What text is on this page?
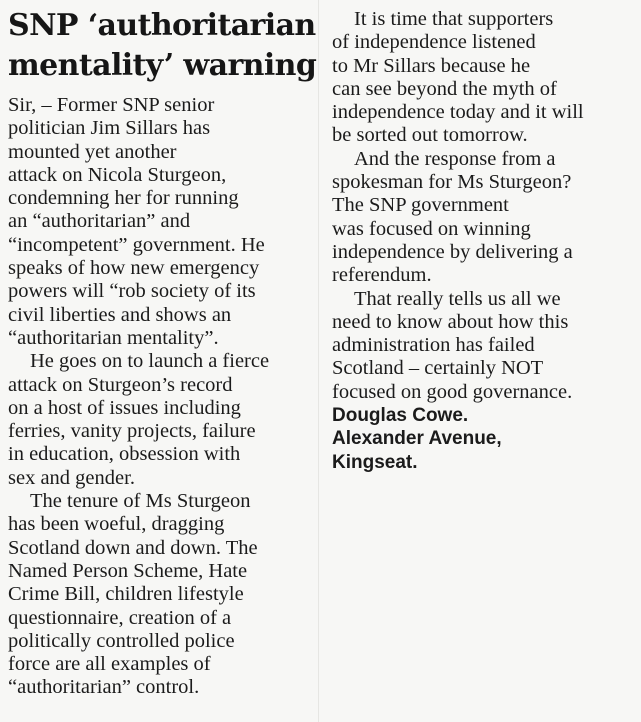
SNP ‘authoritarian
mentality’ warning

Sir, – Former SNP senior
politician Jim Sillars has
mounted yet another
attack on Nicola Sturgeon,
condemning her for running
an “authoritarian” and
“incompetent” government. He
speaks of how new emergency
powers will “rob society of its
civil liberties and shows an
“authoritarian mentality”.
He goes on to launch a fierce
attack on Sturgeon’s record
on a host of issues including
ferries, vanity projects, failure
in education, obsession with
sex and gender.
The tenure of Ms Sturgeon
has been woeful, dragging
Scotland down and down. The
Named Person Scheme, Hate
Crime Bill, children lifestyle
questionnaire, creation of a
politically controlled police
force are all examples of
“authoritarian” control.

It is time that supporters
of independence listened
to Mr Sillars because he
can see beyond the myth of
independence today and it will
be sorted out tomorrow.
And the response from a
spokesman for Ms Sturgeon?
The SNP government
was focused on winning
independence by delivering a
referendum.
That really tells us all we
need to know about how this
administration has failed
Scotland – certainly NOT
focused on good governance.

Douglas Cowe.
Alexander Avenue,
Kingseat.
